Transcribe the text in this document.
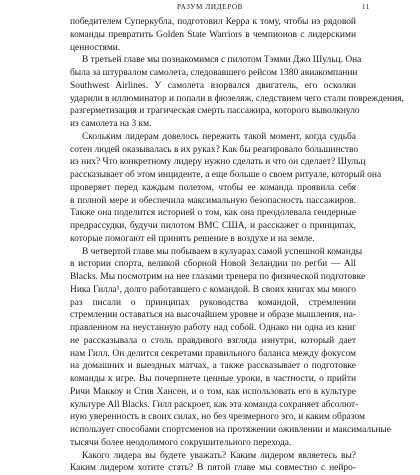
РАЗУМ ЛИДЕРОВ	11
победителем Суперкубла, подготовил Керра к тому, чтобы из рядовой
команды превратить Golden State Warriors в чемпионов с лидерскими
ценностями.
В третьей главе мы познакомимся с пилотом Тэмми Джо Шульц. Она
была за штурвалом самолета, следовавшего рейсом 1380 авиакомпании
Southwest Airlines. У самолета взорвался двигатель, его осколки
ударили в иллюминатор и попали в фюзеляж, следствием чего стали повреждения,
разгерметизация и трагическая смерть пассажира, которого выволкнуло
из самолета на 3 км.
Скольким лидерам довелось пережить такой момент, когда судьба
сотен людей оказывалась в их руках? Как бы реагировало большинство
из них? Что конкретному лидеру нужно сделать и что он сделает? Шульц
рассказывает об этом инциденте, а еще больше о своем ритуале, который она
проверяет перед каждым полетом, чтобы ее команда проявила себя
в полной мере и обеспечила максимальную безопасность пассажиров.
Также она поделится историей о том, как она преодолевала гендерные
предрассудки, будучи пилотом ВМС США, и расскажет о принципах,
которые помогают ей принять решение в воздухе и на земле.
В четвертой главе мы побываем в кулуарах самой успешной команды
в истории спорта, великой сборной Новой Зеландии по регби — All
Blacks. Мы посмотрим на нее глазами тренера по физической подготовке
Ника Гилла¹, долго работавшего с командой. В своих книгах мы много
раз писали о принципах руководства командой, стремлении
стремлении оставаться на высочайшем уровне и образе мышления, на-
правленном на неустанную работу над собой. Однако ни одна из книг
не рассказывала о столь правдивого взгляда изнутри, который дает
нам Гилл. Он делится секретами правильного баланса между фокусом
на домашних и выездных матчах, а также рассказывает о подготовке
команды к игре. Вы почерпнете ценные уроки, в частности, о прийти
Ричи Маккоу и Стив Хансен, и о том, как использовать его в культуре
культуре All Blacks. Гилл раскроет, как эта команда сохраняет абсолют-
ную уверенность в своих силах, но без чрезмерного эго, и каким образом
использует способами спортсменов на протяжении оживлении и максимальные
тысячи более неодолимого сокрушительного перехода.
Какого лидера вы будете уважать? Каким лидером являетесь вы?
Каким лидером хотите стать? В пятой главе мы совместно с нейро-
